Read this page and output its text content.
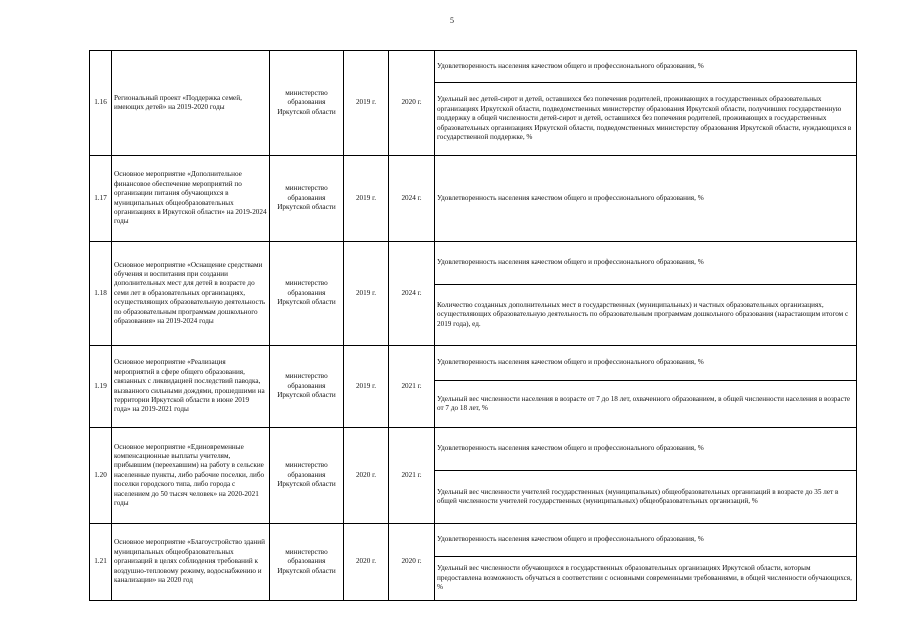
5
1.16	Региональный проект «Поддержка семей, имеющих детей» на 2019-2020 годы	министерство образования Иркутской области	2019 г.	2020 г.	Удовлетворенность населения качеством общего и профессионального образования, %
					Удельный вес детей-сирот и детей, оставшихся без попечения родителей, проживающих в государственных образовательных организациях Иркутской области, подведомственных министерству образования Иркутской области, получивших государственную поддержку в общей численности детей-сирот и детей, оставшихся без попечения родителей, проживающих в государственных образовательных организациях Иркутской области, подведомственных министерству образования Иркутской области, нуждающихся в государственной поддержке, %
1.17	Основное мероприятие «Дополнительное финансовое обеспечение мероприятий по организации питания обучающихся в муниципальных общеобразовательных организациях в Иркутской области» на 2019-2024 годы	министерство образования Иркутской области	2019 г.	2024 г.	Удовлетворенность населения качеством общего и профессионального образования, %
1.18	Основное мероприятие «Оснащение средствами обучения и воспитания при создании дополнительных мест для детей в возрасте до семи лет в образовательных организациях, осуществляющих образовательную деятельность по образовательным программам дошкольного образования» на 2019-2024 годы	министерство образования Иркутской области	2019 г.	2024 г.	Удовлетворенность населения качеством общего и профессионального образования, %
					Количество созданных дополнительных мест в государственных (муниципальных) и частных образовательных организациях, осуществляющих образовательную деятельность по образовательным программам дошкольного образования (нарастающим итогом с 2019 года), ед.
1.19	Основное мероприятие «Реализация мероприятий в сфере общего образования, связанных с ликвидацией последствий паводка, вызванного сильными дождями, прошедшими на территории Иркутской области в июне 2019 года» на 2019-2021 годы	министерство образования Иркутской области	2019 г.	2021 г.	Удовлетворенность населения качеством общего и профессионального образования, %
					Удельный вес численности населения в возрасте от 7 до 18 лет, охваченного образованием, в общей численности населения в возрасте от 7 до 18 лет, %
1.20	Основное мероприятие «Единовременные компенсационные выплаты учителям, прибывшим (переехавшим) на работу в сельские населенные пункты, либо рабочие поселки, либо поселки городского типа, либо города с населением до 50 тысяч человек» на 2020-2021 годы	министерство образования Иркутской области	2020 г.	2021 г.	Удовлетворенность населения качеством общего и профессионального образования, %
					Удельный вес численности учителей государственных (муниципальных) общеобразовательных организаций в возрасте до 35 лет в общей численности учителей государственных (муниципальных) общеобразовательных организаций, %
1.21	Основное мероприятие «Благоустройство зданий муниципальных общеобразовательных организаций в целях соблюдения требований к воздушно-тепловому режиму, водоснабжению и канализации» на 2020 год	министерство образования Иркутской области	2020 г.	2020 г.	Удовлетворенность населения качеством общего и профессионального образования, %
					Удельный вес численности обучающихся в государственных образовательных организациях Иркутской области, которым предоставлена возможность обучаться в соответствии с основными современными требованиями, в общей численности обучающихся, %
